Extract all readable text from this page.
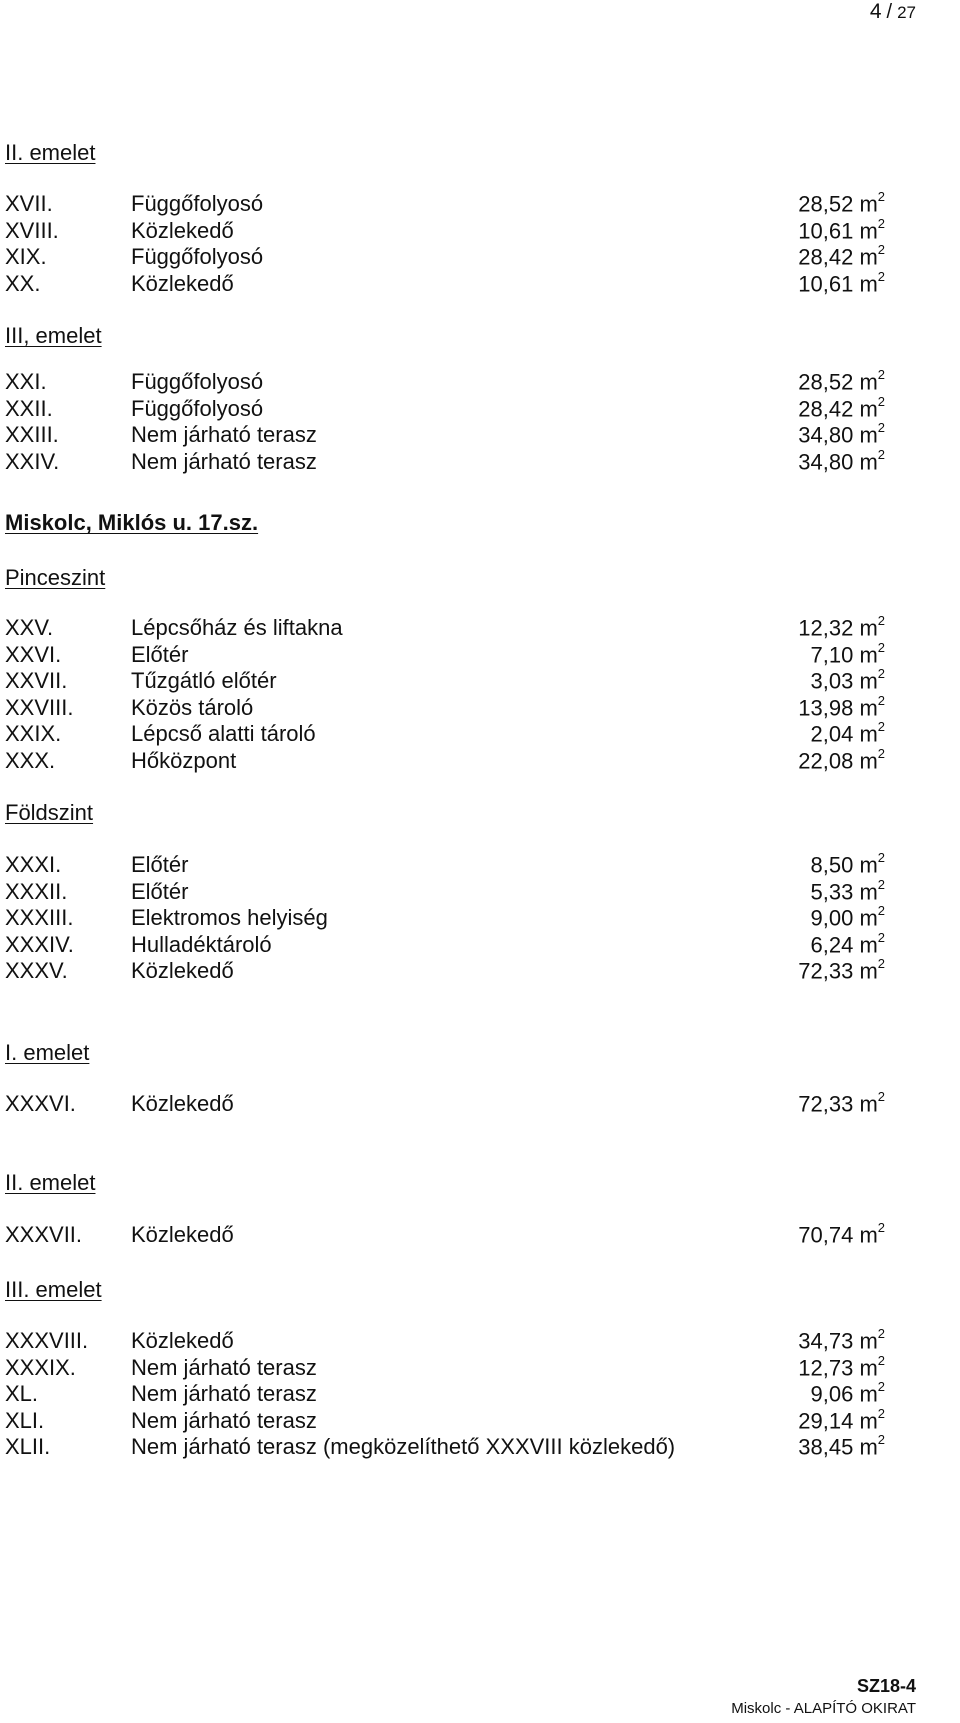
4 / 27
II. emelet
XVII.	Függőfolyosó	28,52 $m^2$
XVIII.	Közlekedő	10,61 $m^2$
XIX.	Függőfolyosó	28,42 $m^2$
XX.	Közlekedő	10,61 $m^2$
III, emelet
XXI.	Függőfolyosó	28,52 $m^2$
XXII.	Függőfolyosó	28,42 $m^2$
XXIII.	Nem járható terasz	34,80 $m^2$
XXIV.	Nem járható terasz	34,80 $m^2$
Miskolc, Miklós u. 17.sz.
Pinceszint
XXV.	Lépcsőház és liftakna	12,32 $m^2$
XXVI.	Előtér	7,10 $m^2$
XXVII.	Tűzgátló előtér	3,03 $m^2$
XXVIII.	Közös tároló	13,98 $m^2$
XXIX.	Lépcső alatti tároló	2,04 $m^2$
XXX.	Hőközpont	22,08 $m^2$
Földszint
XXXI.	Előtér	8,50 $m^2$
XXXII.	Előtér	5,33 $m^2$
XXXIII.	Elektromos helyiség	9,00 $m^2$
XXXIV.	Hulladéktároló	6,24 $m^2$
XXXV.	Közlekedő	72,33 $m^2$
I. emelet
XXXVI.	Közlekedő	72,33 $m^2$
II. emelet
XXXVII. Közlekedő	70,74 $m^2$
III. emelet
XXXVIII. Közlekedő	34,73 $m^2$
XXXIX.	Nem járható terasz	12,73 $m^2$
XL.	Nem járható terasz	9,06 $m^2$
XLI.	Nem járható terasz	29,14 $m^2$
XLII.	Nem járható terasz (megközelíthető XXXVIII közlekedő)	38,45 $m^2$
SZ18-4
Miskolc - ALAPÍTÓ OKIRAT
